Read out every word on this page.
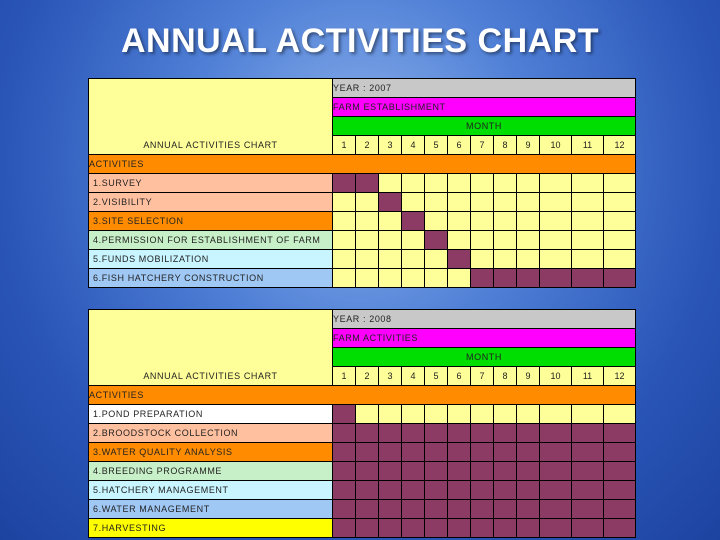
ANNUAL ACTIVITIES CHART
	YEAR : 2007											
	FARM ESTABLISHMENT											
	MONTH											
ANNUAL ACTIVITIES CHART	1	2	3	4	5	6	7	8	9	10	11	12
ACTIVITIES												
1.SURVEY												
2.VISIBILITY												
3.SITE SELECTION												
4.PERMISSION FOR ESTABLISHMENT OF FARM												
5.FUNDS MOBILIZATION												
6.FISH HATCHERY CONSTRUCTION												
	YEAR : 2008											
	FARM ACTIVITIES											
	MONTH											
ANNUAL ACTIVITIES CHART	1	2	3	4	5	6	7	8	9	10	11	12
ACTIVITIES												
1.POND PREPARATION												
2.BROODSTOCK COLLECTION												
3.WATER QUALITY ANALYSIS												
4.BREEDING PROGRAMME												
5.HATCHERY MANAGEMENT												
6.WATER MANAGEMENT												
7.HARVESTING												
